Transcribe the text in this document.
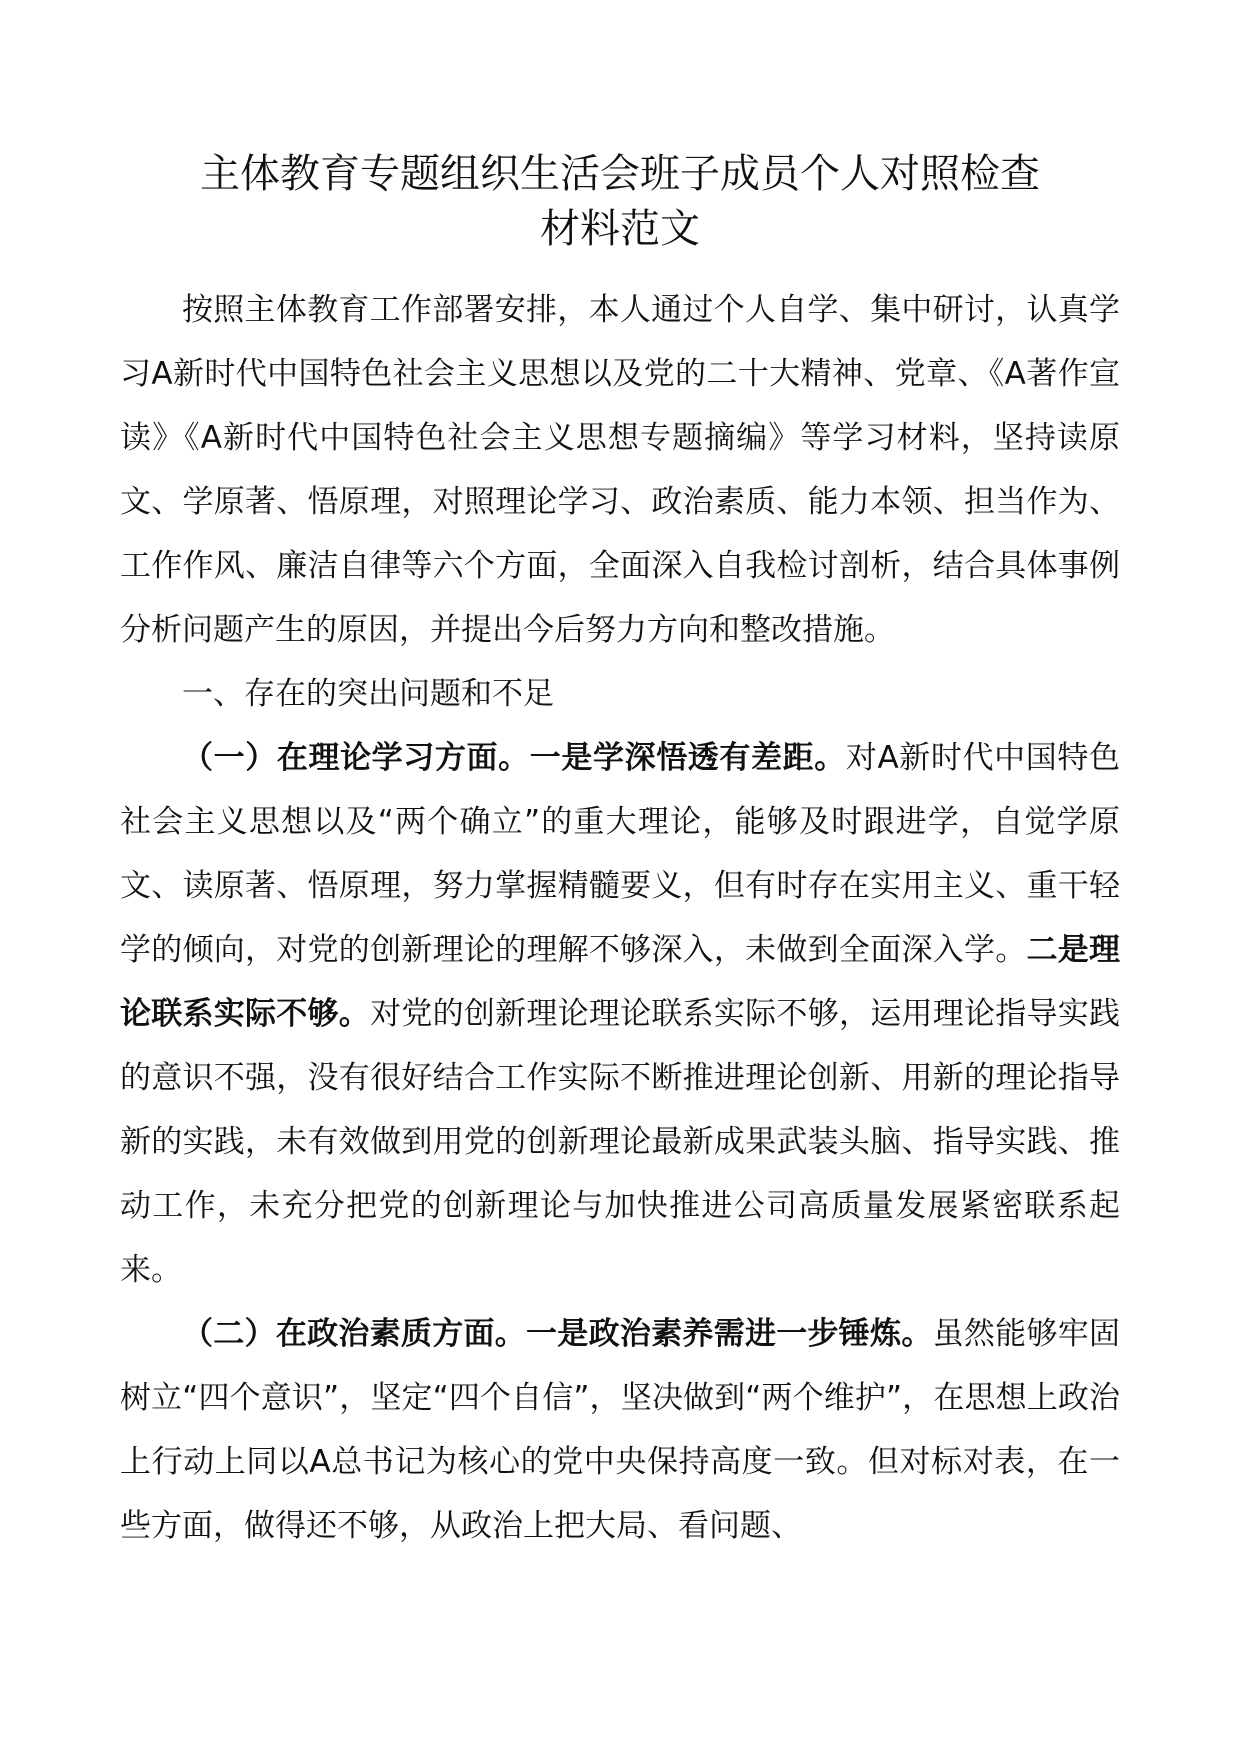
主体教育专题组织生活会班子成员个人对照检查
材料范文

按照主体教育工作部署安排，本人通过个人自学、集中研讨，认真学习A新时代中国特色社会主义思想以及党的二十大精神、党章、《A著作宣读》《A新时代中国特色社会主义思想专题摘编》等学习材料，坚持读原文、学原著、悟原理，对照理论学习、政治素质、能力本领、担当作为、工作作风、廉洁自律等六个方面，全面深入自我检讨剖析，结合具体事例分析问题产生的原因，并提出今后努力方向和整改措施。

一、存在的突出问题和不足

（一）在理论学习方面。一是学深悟透有差距。对A新时代中国特色社会主义思想以及“两个确立”的重大理论，能够及时跟进学，自觉学原文、读原著、悟原理，努力掌握精髓要义，但有时存在实用主义、重干轻学的倾向，对党的创新理论的理解不够深入，未做到全面深入学。二是理论联系实际不够。对党的创新理论理论联系实际不够，运用理论指导实践的意识不强，没有很好结合工作实际不断推进理论创新、用新的理论指导新的实践，未有效做到用党的创新理论最新成果武装头脑、指导实践、推动工作，未充分把党的创新理论与加快推进公司高质量发展紧密联系起来。

（二）在政治素质方面。一是政治素养需进一步锤炼。虽然能够牢固树立“四个意识”，坚定“四个自信”，坚决做到“两个维护”，在思想上政治上行动上同以A总书记为核心的党中央保持高度一致。但对标对表，在一些方面，做得还不够，从政治上把大局、看问题、
